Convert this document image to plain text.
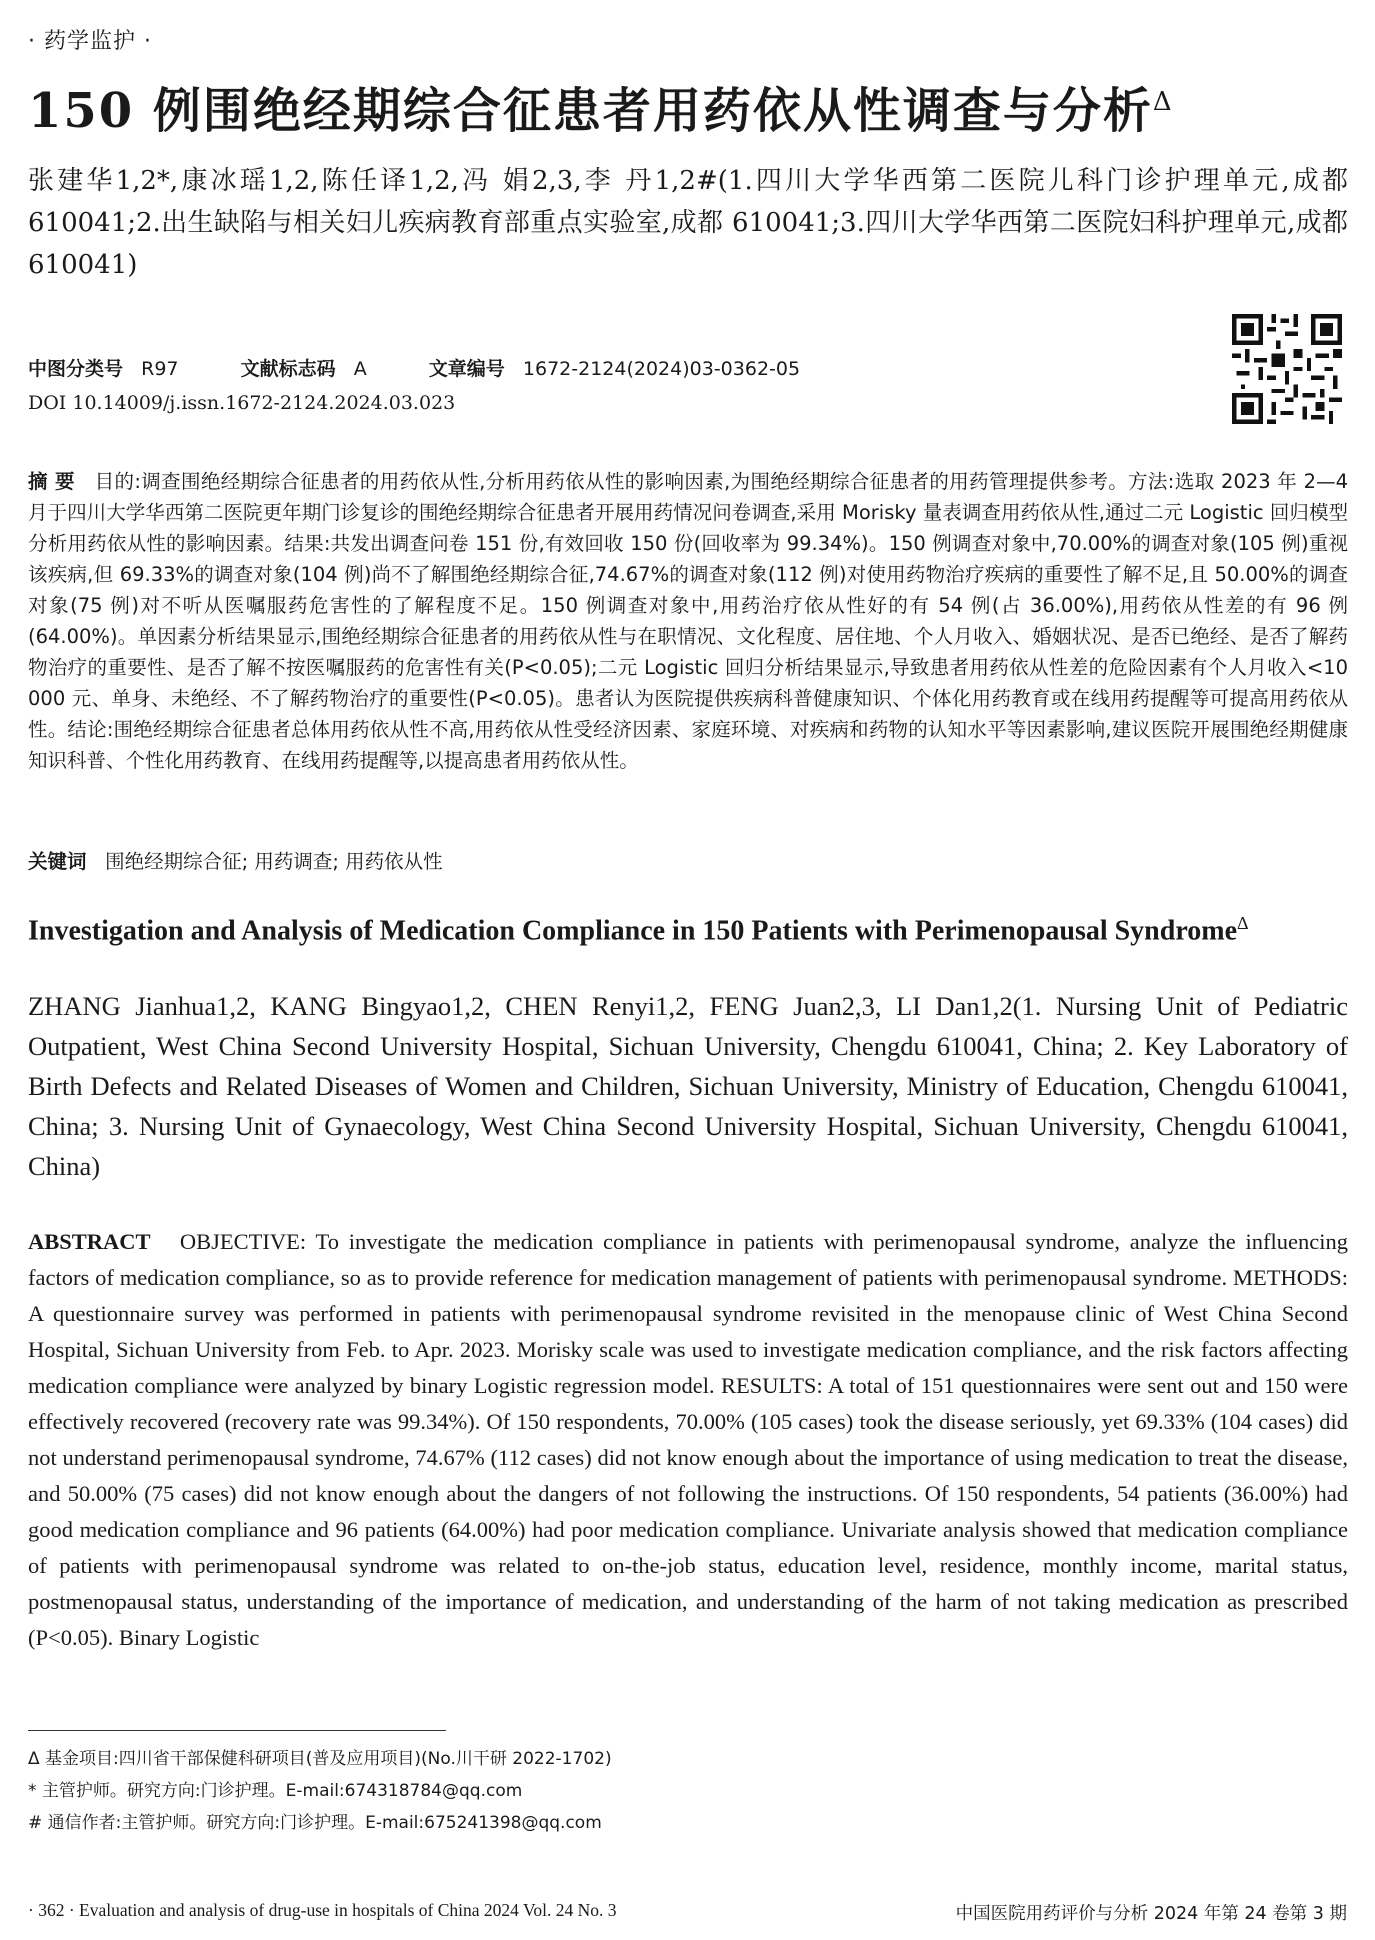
· 药学监护 ·
150 例围绝经期综合征患者用药依从性调查与分析$^\Delta$
张建华1,2*,康冰瑶1,2,陈任译1,2,冯 娟2,3,李 丹1,2#(1.四川大学华西第二医院儿科门诊护理单元,成都 610041;2.出生缺陷与相关妇儿疾病教育部重点实验室,成都 610041;3.四川大学华西第二医院妇科护理单元,成都 610041)
中图分类号 R97	文献标志码 A	文章编号 1672-2124(2024)03-0362-05
DOI 10.14009/j.issn.1672-2124.2024.03.023
摘 要 目的:调查围绝经期综合征患者的用药依从性,分析用药依从性的影响因素,为围绝经期综合征患者的用药管理提供参考。方法:选取 2023 年 2—4 月于四川大学华西第二医院更年期门诊复诊的围绝经期综合征患者开展用药情况问卷调查,采用 Morisky 量表调查用药依从性,通过二元 Logistic 回归模型分析用药依从性的影响因素。结果:共发出调查问卷 151 份,有效回收 150 份(回收率为 99.34%)。150 例调查对象中,70.00%的调查对象(105 例)重视该疾病,但 69.33%的调查对象(104 例)尚不了解围绝经期综合征,74.67%的调查对象(112 例)对使用药物治疗疾病的重要性了解不足,且 50.00%的调查对象(75 例)对不听从医嘱服药危害性的了解程度不足。150 例调查对象中,用药治疗依从性好的有 54 例(占 36.00%),用药依从性差的有 96 例(64.00%)。单因素分析结果显示,围绝经期综合征患者的用药依从性与在职情况、文化程度、居住地、个人月收入、婚姻状况、是否已绝经、是否了解药物治疗的重要性、是否了解不按医嘱服药的危害性有关(P<0.05);二元 Logistic 回归分析结果显示,导致患者用药依从性差的危险因素有个人月收入<10 000 元、单身、未绝经、不了解药物治疗的重要性(P<0.05)。患者认为医院提供疾病科普健康知识、个体化用药教育或在线用药提醒等可提高用药依从性。结论:围绝经期综合征患者总体用药依从性不高,用药依从性受经济因素、家庭环境、对疾病和药物的认知水平等因素影响,建议医院开展围绝经期健康知识科普、个性化用药教育、在线用药提醒等,以提高患者用药依从性。
关键词 围绝经期综合征; 用药调查; 用药依从性
Investigation and Analysis of Medication Compliance in 150 Patients with Perimenopausal Syndrome$^\Delta$
ZHANG Jianhua1,2, KANG Bingyao1,2, CHEN Renyi1,2, FENG Juan2,3, LI Dan1,2(1. Nursing Unit of Pediatric Outpatient, West China Second University Hospital, Sichuan University, Chengdu 610041, China; 2. Key Laboratory of Birth Defects and Related Diseases of Women and Children, Sichuan University, Ministry of Education, Chengdu 610041, China; 3. Nursing Unit of Gynaecology, West China Second University Hospital, Sichuan University, Chengdu 610041, China)
ABSTRACT OBJECTIVE: To investigate the medication compliance in patients with perimenopausal syndrome, analyze the influencing factors of medication compliance, so as to provide reference for medication management of patients with perimenopausal syndrome. METHODS: A questionnaire survey was performed in patients with perimenopausal syndrome revisited in the menopause clinic of West China Second Hospital, Sichuan University from Feb. to Apr. 2023. Morisky scale was used to investigate medication compliance, and the risk factors affecting medication compliance were analyzed by binary Logistic regression model. RESULTS: A total of 151 questionnaires were sent out and 150 were effectively recovered (recovery rate was 99.34%). Of 150 respondents, 70.00% (105 cases) took the disease seriously, yet 69.33% (104 cases) did not understand perimenopausal syndrome, 74.67% (112 cases) did not know enough about the importance of using medication to treat the disease, and 50.00% (75 cases) did not know enough about the dangers of not following the instructions. Of 150 respondents, 54 patients (36.00%) had good medication compliance and 96 patients (64.00%) had poor medication compliance. Univariate analysis showed that medication compliance of patients with perimenopausal syndrome was related to on-the-job status, education level, residence, monthly income, marital status, postmenopausal status, understanding of the importance of medication, and understanding of the harm of not taking medication as prescribed (P<0.05). Binary Logistic
Δ 基金项目:四川省干部保健科研项目(普及应用项目)(No.川干研 2022-1702)
* 主管护师。研究方向:门诊护理。E-mail:674318784@qq.com
# 通信作者:主管护师。研究方向:门诊护理。E-mail:675241398@qq.com
· 362 · Evaluation and analysis of drug-use in hospitals of China 2024 Vol. 24 No. 3	中国医院用药评价与分析 2024 年第 24 卷第 3 期
